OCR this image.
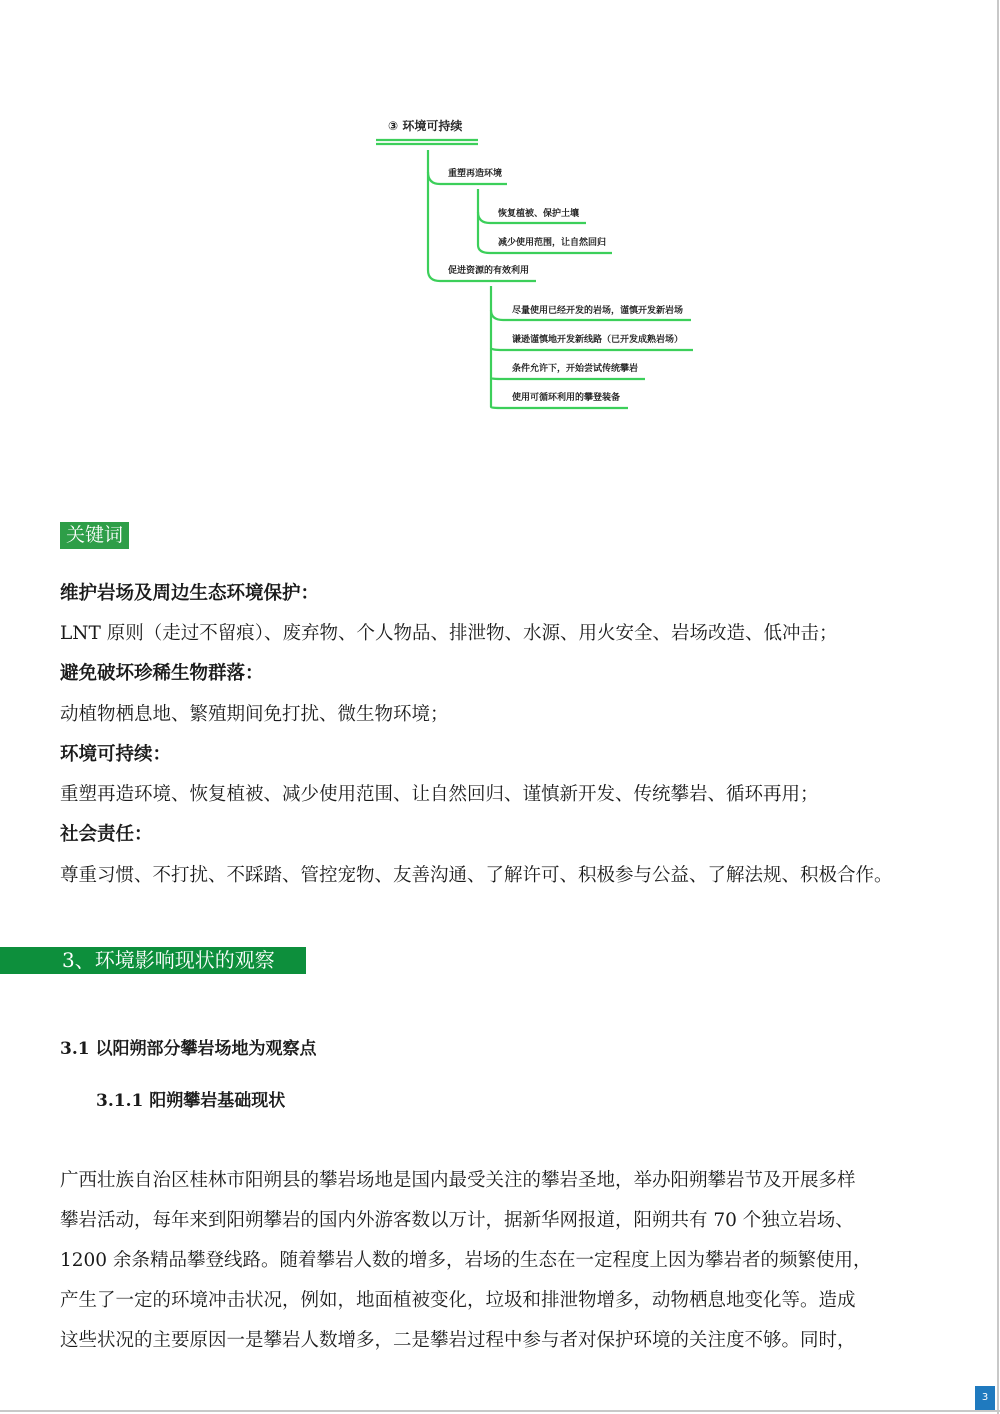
③ 环境可持续
重塑再造环境
恢复植被、保护土壤
减少使用范围，让自然回归
促进资源的有效利用
尽量使用已经开发的岩场，谨慎开发新岩场
谦逊谨慎地开发新线路（已开发成熟岩场）
条件允许下，开始尝试传统攀岩
使用可循环利用的攀登装备
关键词
维护岩场及周边生态环境保护：
LNT 原则（走过不留痕）、废弃物、个人物品、排泄物、水源、用火安全、岩场改造、低冲击；
避免破坏珍稀生物群落：
动植物栖息地、繁殖期间免打扰、微生物环境；
环境可持续：
重塑再造环境、恢复植被、减少使用范围、让自然回归、谨慎新开发、传统攀岩、循环再用；
社会责任：
尊重习惯、不打扰、不踩踏、管控宠物、友善沟通、了解许可、积极参与公益、了解法规、积极合作。
3、环境影响现状的观察
3.1 以阳朔部分攀岩场地为观察点
3.1.1 阳朔攀岩基础现状
广西壮族自治区桂林市阳朔县的攀岩场地是国内最受关注的攀岩圣地，举办阳朔攀岩节及开展多样
攀岩活动，每年来到阳朔攀岩的国内外游客数以万计，据新华网报道，阳朔共有 70 个独立岩场、
1200 余条精品攀登线路。随着攀岩人数的增多，岩场的生态在一定程度上因为攀岩者的频繁使用，
产生了一定的环境冲击状况，例如，地面植被变化，垃圾和排泄物增多，动物栖息地变化等。造成
这些状况的主要原因一是攀岩人数增多，二是攀岩过程中参与者对保护环境的关注度不够。同时，
3
